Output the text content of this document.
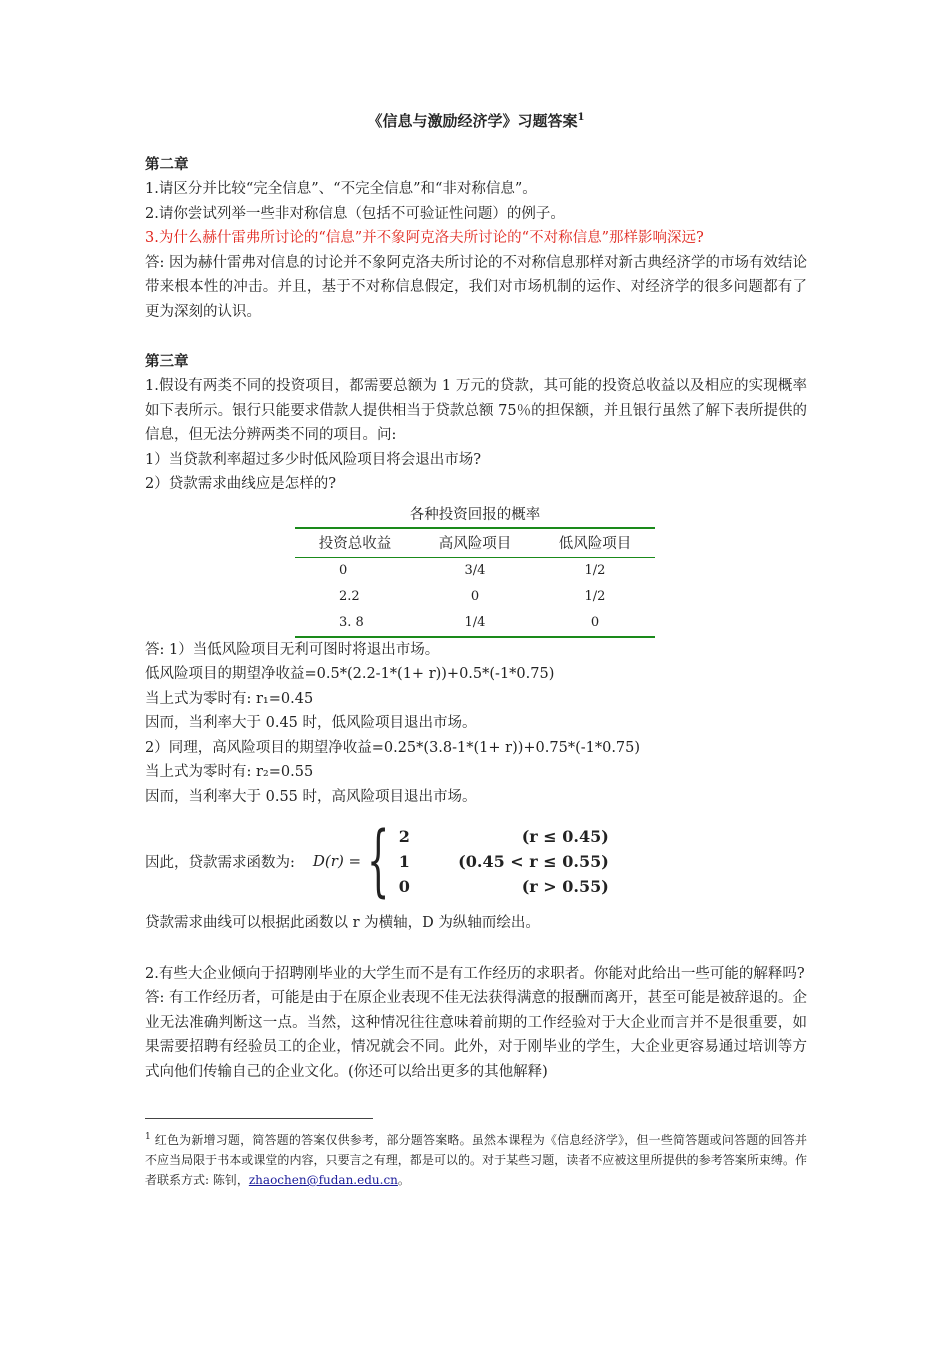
《信息与激励经济学》习题答案$^1$
第二章

1.请区分并比较“完全信息”、“不完全信息”和“非对称信息”。

2.请你尝试列举一些非对称信息（包括不可验证性问题）的例子。

3.为什么赫什雷弗所讨论的“信息”并不象阿克洛夫所讨论的“不对称信息”那样影响深远?

答: 因为赫什雷弗对信息的讨论并不象阿克洛夫所讨论的不对称信息那样对新古典经济学的市场有效结论带来根本性的冲击。并且，基于不对称信息假定，我们对市场机制的运作、对经济学的很多问题都有了更为深刻的认识。

第三章

1.假设有两类不同的投资项目，都需要总额为 1 万元的贷款，其可能的投资总收益以及相应的实现概率如下表所示。银行只能要求借款人提供相当于贷款总额 75％的担保额，并且银行虽然了解下表所提供的信息，但无法分辨两类不同的项目。问:

1）当贷款利率超过多少时低风险项目将会退出市场?

2）贷款需求曲线应是怎样的?

各种投资回报的概率
投资总收益	高风险项目	低风险项目
0	3/4	1/2
2.2	0	1/2
3. 8	1/4	0

答: 1）当低风险项目无利可图时将退出市场。

低风险项目的期望净收益=0.5*(2.2-1*(1+ r))+0.5*(-1*0.75)

当上式为零时有: r₁=0.45

因而，当利率大于 0.45 时，低风险项目退出市场。

2）同理，高风险项目的期望净收益=0.25*(3.8-1*(1+ r))+0.75*(-1*0.75)

当上式为零时有: r₂=0.55

因而，当利率大于 0.55 时，高风险项目退出市场。

因此，贷款需求函数为: D(r) = { 2	(r ≤ 0.45)
1	(0.45 < r ≤ 0.55)
0	(r > 0.55)

贷款需求曲线可以根据此函数以 r 为横轴，D 为纵轴而绘出。

2.有些大企业倾向于招聘刚毕业的大学生而不是有工作经历的求职者。你能对此给出一些可能的解释吗?

答: 有工作经历者，可能是由于在原企业表现不佳无法获得满意的报酬而离开，甚至可能是被辞退的。企业无法准确判断这一点。当然，这种情况往往意味着前期的工作经验对于大企业而言并不是很重要，如果需要招聘有经验员工的企业，情况就会不同。此外，对于刚毕业的学生，大企业更容易通过培训等方式向他们传输自己的企业文化。(你还可以给出更多的其他解释)

$^1$ 红色为新增习题，简答题的答案仅供参考，部分题答案略。虽然本课程为《信息经济学》，但一些简答题或问答题的回答并不应当局限于书本或课堂的内容，只要言之有理，都是可以的。对于某些习题，读者不应被这里所提供的参考答案所束缚。作者联系方式: 陈钊，zhaochen@fudan.edu.cn。
